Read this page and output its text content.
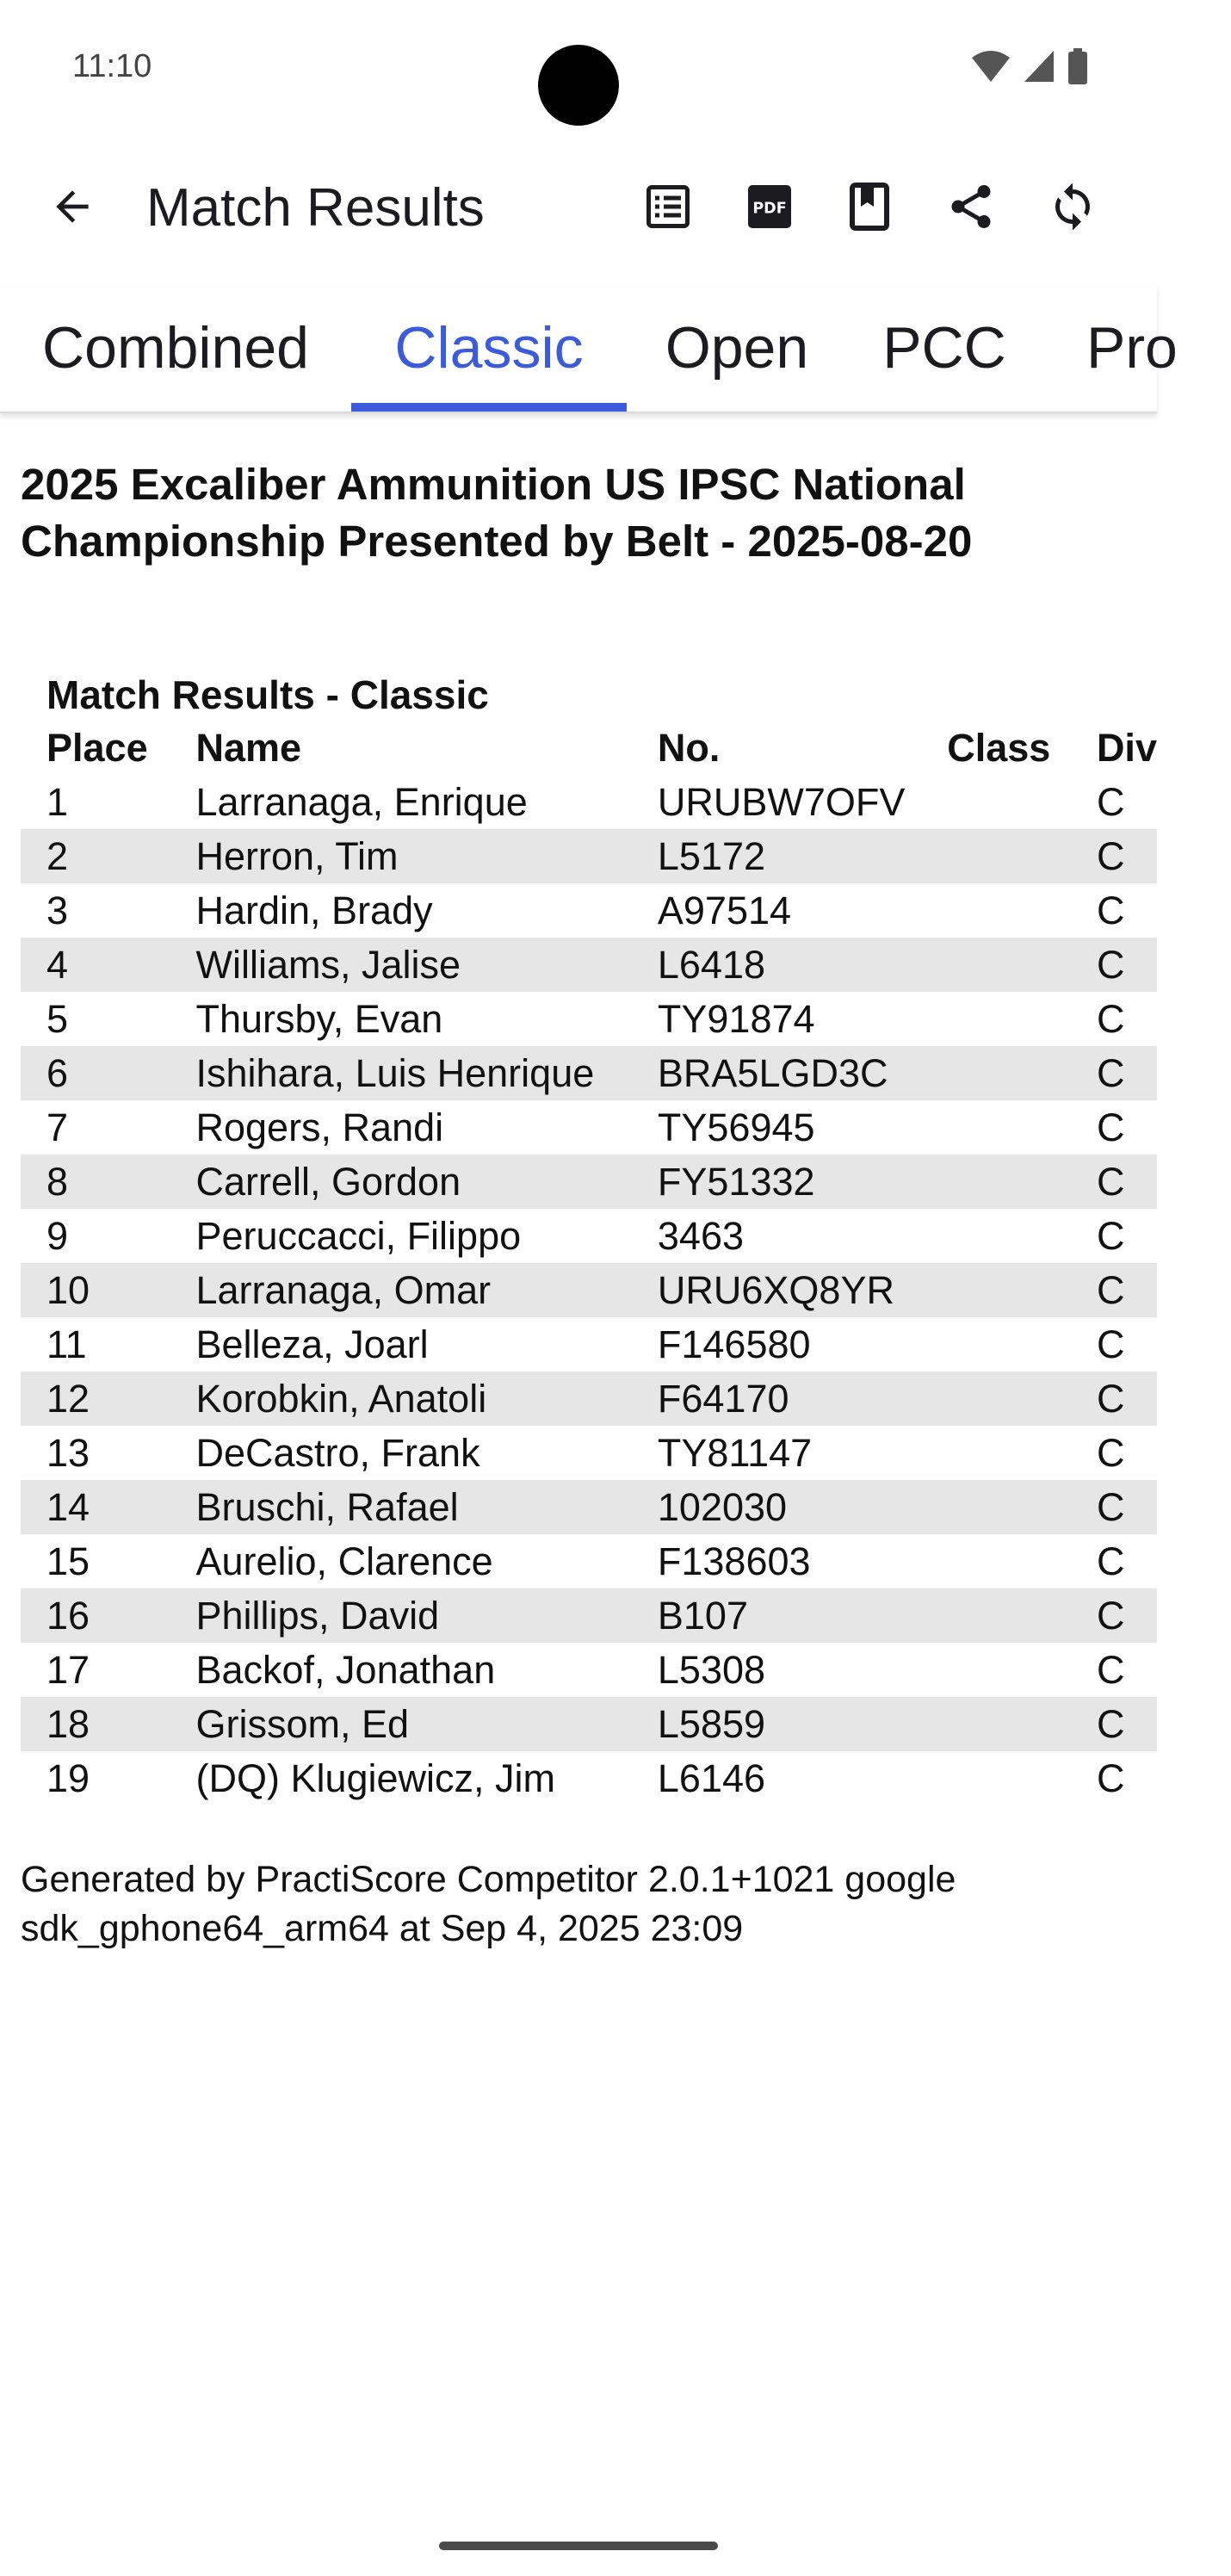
11:10
Match Results	PDF
Combined	Classic	Open	PCC	Pro
2025 Excaliber Ammunition US IPSC National Championship Presented by Belt - 2025-08-20
Match Results - Classic
Place	Name	No.	Class	Div
1	Larranaga, Enrique	URUBW7OFV		C
2	Herron, Tim	L5172		C
3	Hardin, Brady	A97514		C
4	Williams, Jalise	L6418		C
5	Thursby, Evan	TY91874		C
6	Ishihara, Luis Henrique	BRA5LGD3C		C
7	Rogers, Randi	TY56945		C
8	Carrell, Gordon	FY51332		C
9	Peruccacci, Filippo	3463		C
10	Larranaga, Omar	URU6XQ8YR		C
11	Belleza, Joarl	F146580		C
12	Korobkin, Anatoli	F64170		C
13	DeCastro, Frank	TY81147		C
14	Bruschi, Rafael	102030		C
15	Aurelio, Clarence	F138603		C
16	Phillips, David	B107		C
17	Backof, Jonathan	L5308		C
18	Grissom, Ed	L5859		C
19	(DQ) Klugiewicz, Jim	L6146		C
Generated by PractiScore Competitor 2.0.1+1021 google sdk_gphone64_arm64 at Sep 4, 2025 23:09
